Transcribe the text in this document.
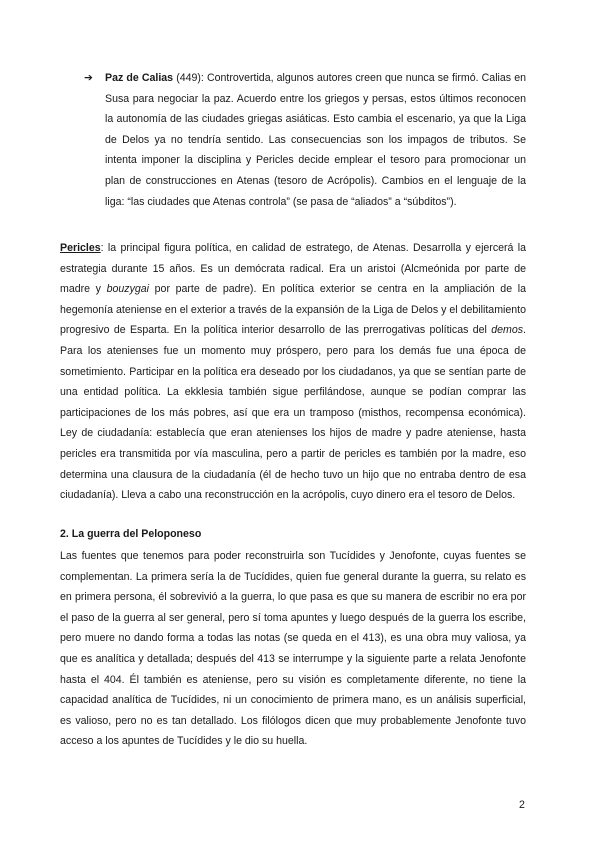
➔	Paz de Calias (449): Controvertida, algunos autores creen que nunca se firmó. Calias en Susa para negociar la paz. Acuerdo entre los griegos y persas, estos últimos reconocen la autonomía de las ciudades griegas asiáticas. Esto cambia el escenario, ya que la Liga de Delos ya no tendría sentido. Las consecuencias son los impagos de tributos. Se intenta imponer la disciplina y Pericles decide emplear el tesoro para promocionar un plan de construcciones en Atenas (tesoro de Acrópolis). Cambios en el lenguaje de la liga: “las ciudades que Atenas controla” (se pasa de “aliados” a “súbditos”).

Pericles: la principal figura política, en calidad de estratego, de Atenas. Desarrolla y ejercerá la estrategia durante 15 años. Es un demócrata radical. Era un aristoi (Alcmeónida por parte de madre y bouzygai por parte de padre). En política exterior se centra en la ampliación de la hegemonía ateniense en el exterior a través de la expansión de la Liga de Delos y el debilitamiento progresivo de Esparta. En la política interior desarrollo de las prerrogativas políticas del demos. Para los atenienses fue un momento muy próspero, pero para los demás fue una época de sometimiento. Participar en la política era deseado por los ciudadanos, ya que se sentían parte de una entidad política. La ekklesia también sigue perfilándose, aunque se podían comprar las participaciones de los más pobres, así que era un tramposo (misthos, recompensa económica). Ley de ciudadanía: establecía que eran atenienses los hijos de madre y padre ateniense, hasta pericles era transmitida por vía masculina, pero a partir de pericles es también por la madre, eso determina una clausura de la ciudadanía (él de hecho tuvo un hijo que no entraba dentro de esa ciudadanía). Lleva a cabo una reconstrucción en la acrópolis, cuyo dinero era el tesoro de Delos.

2. La guerra del Peloponeso

Las fuentes que tenemos para poder reconstruirla son Tucídides y Jenofonte, cuyas fuentes se complementan. La primera sería la de Tucídides, quien fue general durante la guerra, su relato es en primera persona, él sobrevivió a la guerra, lo que pasa es que su manera de escribir no era por el paso de la guerra al ser general, pero sí toma apuntes y luego después de la guerra los escribe, pero muere no dando forma a todas las notas (se queda en el 413), es una obra muy valiosa, ya que es analítica y detallada; después del 413 se interrumpe y la siguiente parte a relata Jenofonte hasta el 404. Él también es ateniense, pero su visión es completamente diferente, no tiene la capacidad analítica de Tucídides, ni un conocimiento de primera mano, es un análisis superficial, es valioso, pero no es tan detallado. Los filólogos dicen que muy probablemente Jenofonte tuvo acceso a los apuntes de Tucídides y le dio su huella.

2
